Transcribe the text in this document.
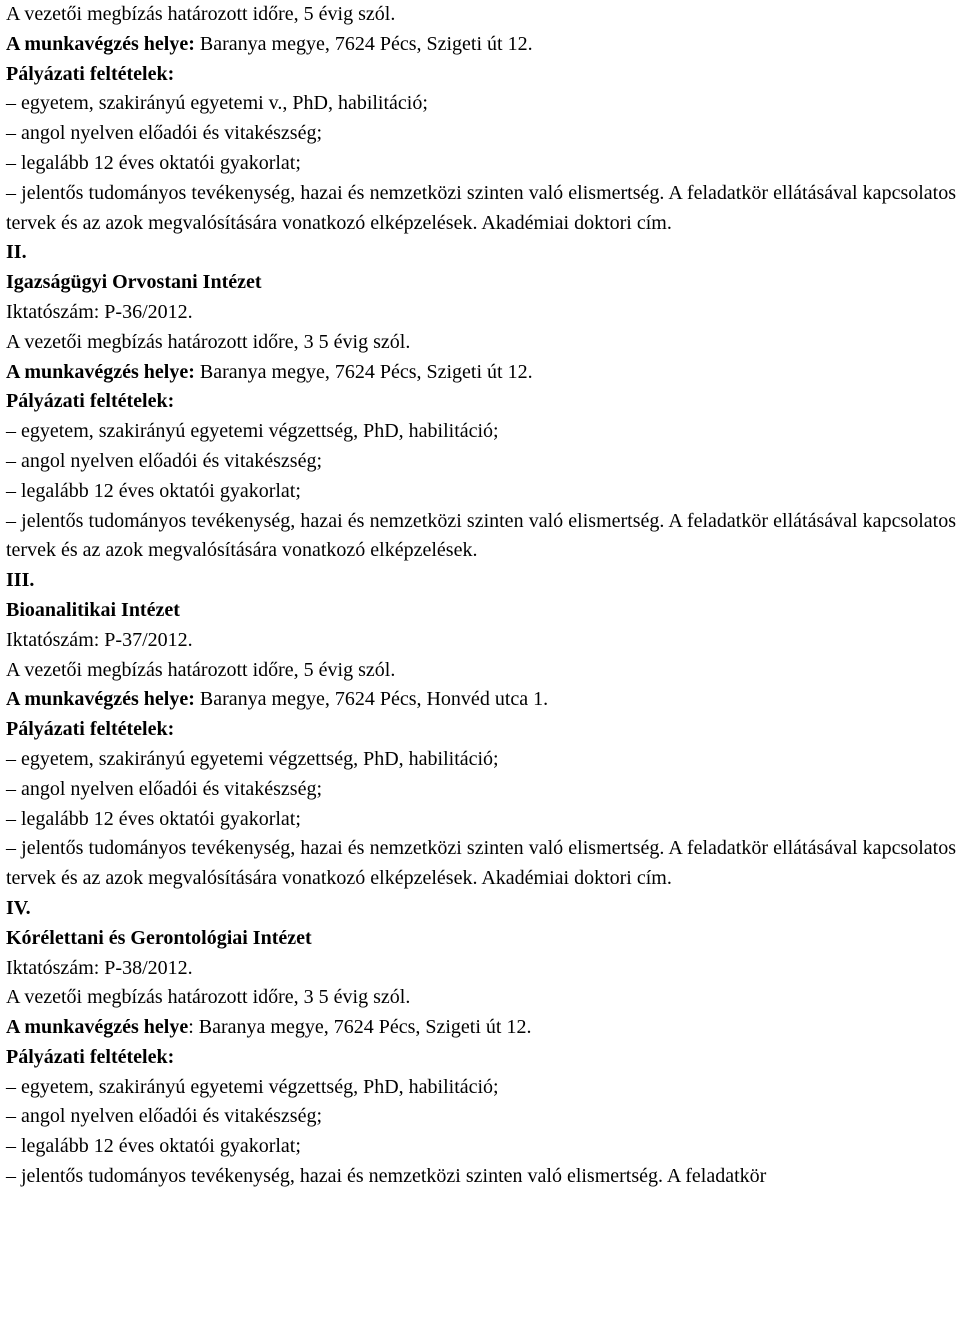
A vezetői megbízás határozott időre, 5 évig szól.

A munkavégzés helye: Baranya megye, 7624 Pécs, Szigeti út 12.

Pályázati feltételek:

– egyetem, szakirányú egyetemi v., PhD, habilitáció;

– angol nyelven előadói és vitakészség;

– legalább 12 éves oktatói gyakorlat;

– jelentős tudományos tevékenység, hazai és nemzetközi szinten való elismertség. A feladatkör ellátásával kapcsolatos tervek és az azok megvalósítására vonatkozó elképzelések. Akadémiai doktori cím.

II.

Igazságügyi Orvostani Intézet

Iktatószám: P-36/2012.

A vezetői megbízás határozott időre, 3 5 évig szól.

A munkavégzés helye: Baranya megye, 7624 Pécs, Szigeti út 12.

Pályázati feltételek:

– egyetem, szakirányú egyetemi végzettség, PhD, habilitáció;

– angol nyelven előadói és vitakészség;

– legalább 12 éves oktatói gyakorlat;

– jelentős tudományos tevékenység, hazai és nemzetközi szinten való elismertség. A feladatkör ellátásával kapcsolatos tervek és az azok megvalósítására vonatkozó elképzelések.

III.

Bioanalitikai Intézet

Iktatószám: P-37/2012.

A vezetői megbízás határozott időre, 5 évig szól.

A munkavégzés helye: Baranya megye, 7624 Pécs, Honvéd utca 1.

Pályázati feltételek:

– egyetem, szakirányú egyetemi végzettség, PhD, habilitáció;

– angol nyelven előadói és vitakészség;

– legalább 12 éves oktatói gyakorlat;

– jelentős tudományos tevékenység, hazai és nemzetközi szinten való elismertség. A feladatkör ellátásával kapcsolatos tervek és az azok megvalósítására vonatkozó elképzelések. Akadémiai doktori cím.

IV.

Kórélettani és Gerontológiai Intézet

Iktatószám: P-38/2012.

A vezetői megbízás határozott időre, 3 5 évig szól.

A munkavégzés helye: Baranya megye, 7624 Pécs, Szigeti út 12.

Pályázati feltételek:

– egyetem, szakirányú egyetemi végzettség, PhD, habilitáció;

– angol nyelven előadói és vitakészség;

– legalább 12 éves oktatói gyakorlat;

– jelentős tudományos tevékenység, hazai és nemzetközi szinten való elismertség. A feladatkör
